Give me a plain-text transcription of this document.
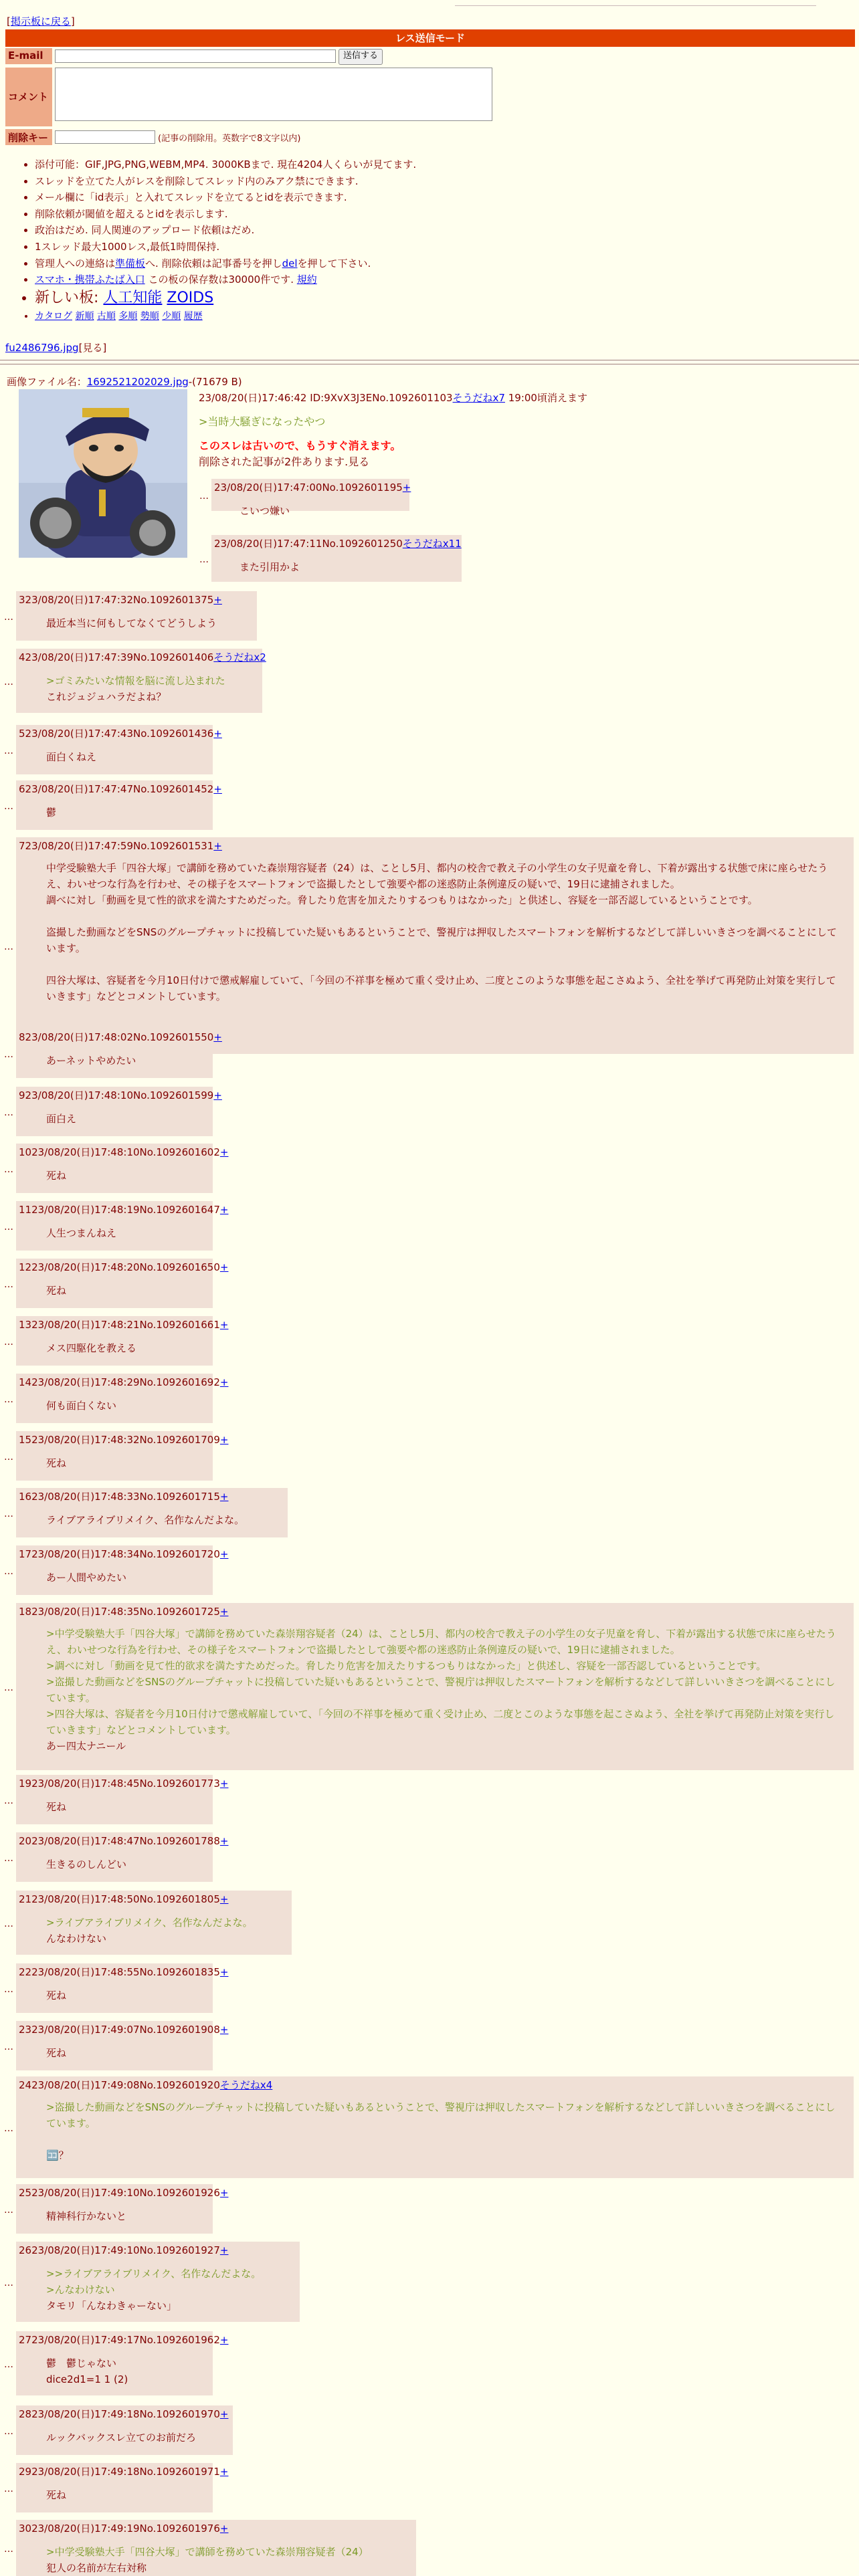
[掲示板に戻る]
レス送信モード
E-mail	送信する
コメント
削除キー	(記事の削除用。英数字で8文字以内)
• 添付可能：GIF,JPG,PNG,WEBM,MP4. 3000KBまで. 現在4204人くらいが見てます.
• スレッドを立てた人がレスを削除してスレッド内のみアク禁にできます.
• メール欄に「id表示」と入れてスレッドを立てるとidを表示できます.
• 削除依頼が閾値を超えるとidを表示します.
• 政治はだめ. 同人関連のアップロード依頼はだめ.
• 1スレッド最大1000レス,最低1時間保持.
• 管理人への連絡は準備板へ. 削除依頼は記事番号を押しdelを押して下さい.
• スマホ・携帯ふたば入口 この板の保存数は30000件です. 規約
• 新しい板: 人工知能 ZOIDS
• カタログ 新順 古順 多順 勢順 少順 履歴
fu2486796.jpg[見る]
画像ファイル名：1692521202029.jpg-(71679 B)
23/08/20(日)17:46:42 ID:9XvX3J3ENo.1092601103そうだねx7 19:00頃消えます
>当時大騒ぎになったやつ
このスレは古いので、もうすぐ消えます。
削除された記事が2件あります.見る
23/08/20(日)17:47:00No.1092601195+
こいつ嫌い
…
23/08/20(日)17:47:11No.1092601250そうだねx11
また引用かよ
…
323/08/20(日)17:47:32No.1092601375+
最近本当に何もしてなくてどうしよう
…
423/08/20(日)17:47:39No.1092601406そうだねx2
>ゴミみたいな情報を脳に流し込まれた
これジュジュハラだよね？
…
523/08/20(日)17:47:43No.1092601436+
面白くねえ
…
623/08/20(日)17:47:47No.1092601452+
鬱
…
723/08/20(日)17:47:59No.1092601531+
中学受験塾大手「四谷大塚」で講師を務めていた森崇翔容疑者（24）は、ことし5月、都内の校舎で教え子の小学生の女子児童を脅し、下着が露出する状態で床に座らせたうえ、わいせつな行為を行わせ、その様子をスマートフォンで盗撮したとして強要や都の迷惑防止条例違反の疑いで、19日に逮捕されました。
調べに対し「動画を見て性的欲求を満たすためだった。脅したり危害を加えたりするつもりはなかった」と供述し、容疑を一部否認しているということです。
盗撮した動画などをSNSのグループチャットに投稿していた疑いもあるということで、警視庁は押収したスマートフォンを解析するなどして詳しいいきさつを調べることにしています。
四谷大塚は、容疑者を今月10日付けで懲戒解雇していて、「今回の不祥事を極めて重く受け止め、二度とこのような事態を起こさぬよう、全社を挙げて再発防止対策を実行していきます」などとコメントしています。
…
823/08/20(日)17:48:02No.1092601550+
あーネットやめたい
…
923/08/20(日)17:48:10No.1092601599+
面白え
…
1023/08/20(日)17:48:10No.1092601602+
死ね
…
1123/08/20(日)17:48:19No.1092601647+
人生つまんねえ
…
1223/08/20(日)17:48:20No.1092601650+
死ね
…
1323/08/20(日)17:48:21No.1092601661+
メス四駆化を教える
…
1423/08/20(日)17:48:29No.1092601692+
何も面白くない
…
1523/08/20(日)17:48:32No.1092601709+
死ね
…
1623/08/20(日)17:48:33No.1092601715+
ライブアライブリメイク、名作なんだよな。
…
1723/08/20(日)17:48:34No.1092601720+
あー人間やめたい
…
1823/08/20(日)17:48:35No.1092601725+
>中学受験塾大手「四谷大塚」で講師を務めていた森崇翔容疑者（24）は、ことし5月、都内の校舎で教え子の小学生の女子児童を脅し、下着が露出する状態で床に座らせたうえ、わいせつな行為を行わせ、その様子をスマートフォンで盗撮したとして強要や都の迷惑防止条例違反の疑いで、19日に逮捕されました。
>調べに対し「動画を見て性的欲求を満たすためだった。脅したり危害を加えたりするつもりはなかった」と供述し、容疑を一部否認しているということです。
>盗撮した動画などをSNSのグループチャットに投稿していた疑いもあるということで、警視庁は押収したスマートフォンを解析するなどして詳しいいきさつを調べることにしています。
>四谷大塚は、容疑者を今月10日付けで懲戒解雇していて、「今回の不祥事を極めて重く受け止め、二度とこのような事態を起こさぬよう、全社を挙げて再発防止対策を実行していきます」などとコメントしています。
あー四太ナニール
…
1923/08/20(日)17:48:45No.1092601773+
死ね
…
2023/08/20(日)17:48:47No.1092601788+
生きるのしんどい
…
2123/08/20(日)17:48:50No.1092601805+
>ライブアライブリメイク、名作なんだよな。
んなわけない
…
2223/08/20(日)17:48:55No.1092601835+
死ね
…
2323/08/20(日)17:49:07No.1092601908+
死ね
…
2423/08/20(日)17:49:08No.1092601920そうだねx4
>盗撮した動画などをSNSのグループチャットに投稿していた疑いもあるということで、警視庁は押収したスマートフォンを解析するなどして詳しいいきさつを調べることにしています。
🈁？
…
2523/08/20(日)17:49:10No.1092601926+
精神科行かないと
…
2623/08/20(日)17:49:10No.1092601927+
>>ライブアライブリメイク、名作なんだよな。
>んなわけない
タモリ「んなわきゃーない」
…
2723/08/20(日)17:49:17No.1092601962+
鬱　鬱じゃない
dice2d1=1 1 (2)
…
2823/08/20(日)17:49:18No.1092601970+
ルックバックスレ立てのお前だろ
…
2923/08/20(日)17:49:18No.1092601971+
死ね
…
3023/08/20(日)17:49:19No.1092601976+
>中学受験塾大手「四谷大塚」で講師を務めていた森崇翔容疑者（24）
犯人の名前が左右対称
…
